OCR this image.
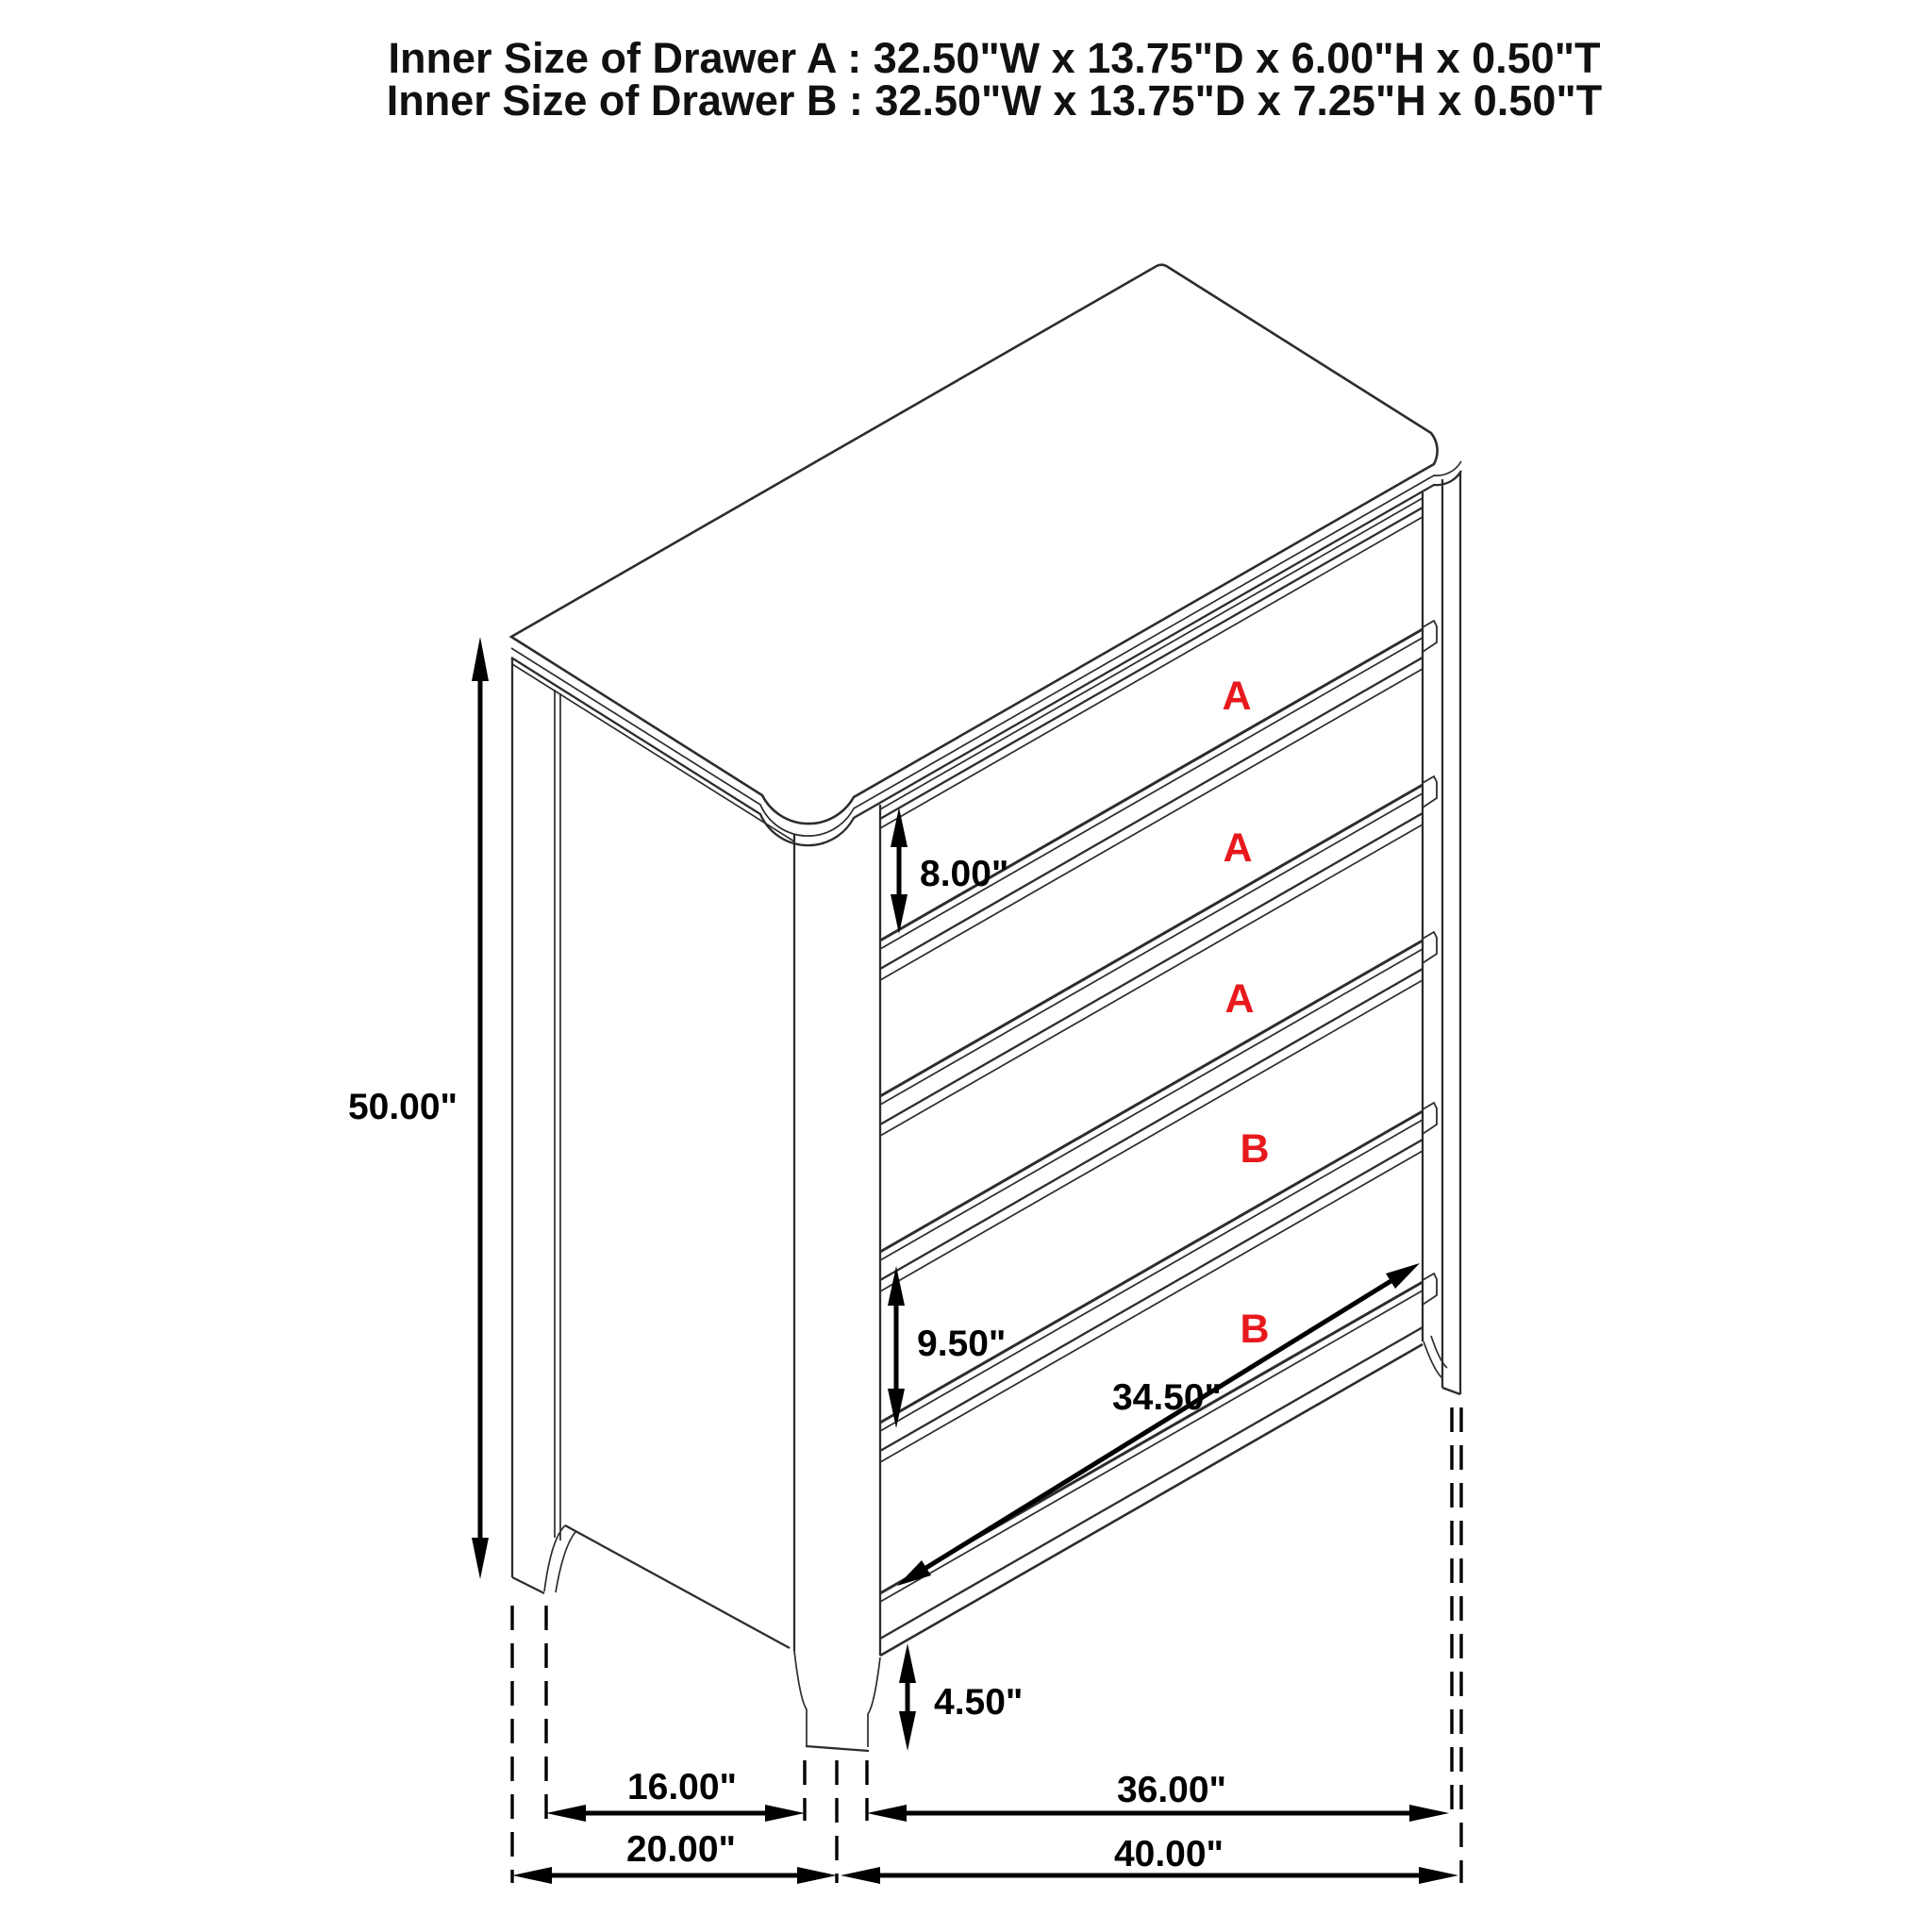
Inner Size of Drawer A : 32.50"W x 13.75"D x 6.00"H x 0.50"T
Inner Size of Drawer B : 32.50"W x 13.75"D x 7.25"H x 0.50"T
50.00"
8.00"
9.50"
34.50"
4.50"
16.00"	36.00"
20.00"	40.00"
A
A
A
B
B
